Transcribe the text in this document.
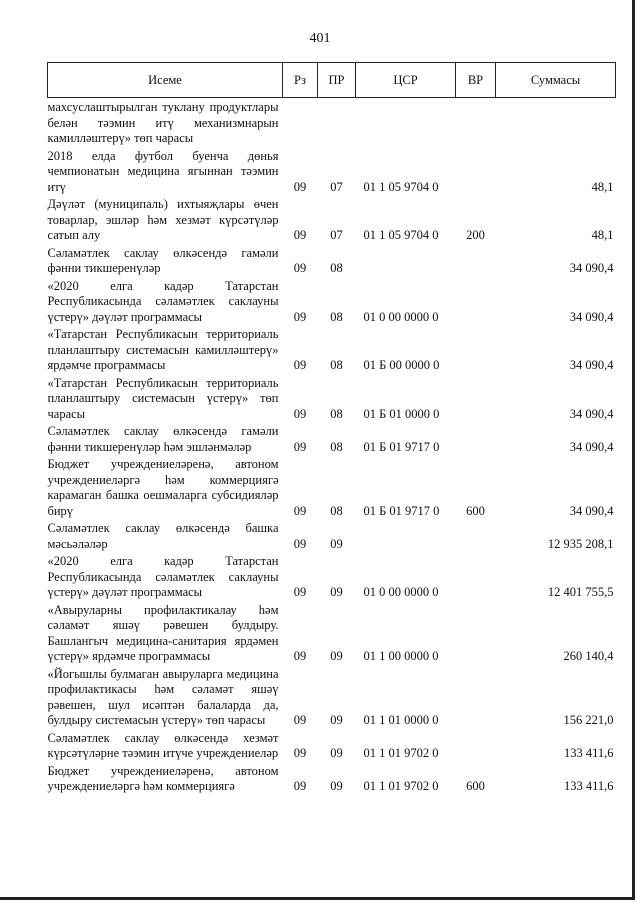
401
Исеме	Рз	ПР	ЦСР	ВР	Суммасы
махсуслаштырылган туклану продуктлары белән тәэмин итү механизмнарын камилләштерү» төп чарасы					
2018 елда футбол буенча дөнья чемпионатын медицина ягыннан тәэмин итү	09	07	01 1 05 9704 0		48,1
Дәүләт (муниципаль) ихтыяҗлары өчен товарлар, эшләр һәм хезмәт күрсәтүләр сатып алу	09	07	01 1 05 9704 0	200	48,1
Сәламәтлек саклау өлкәсендә гамәли фәнни тикшеренүләр	09	08			34 090,4
«2020 елга кадәр Татарстан Республикасында сәламәтлек саклауны үстерү» дәүләт программасы	09	08	01 0 00 0000 0		34 090,4
«Татарстан Республикасын территориаль планлаштыру системасын камилләштерү» ярдәмче программасы	09	08	01 Б 00 0000 0		34 090,4
«Татарстан Республикасын территориаль планлаштыру системасын үстерү» төп чарасы	09	08	01 Б 01 0000 0		34 090,4
Сәламәтлек саклау өлкәсендә гамәли фәнни тикшеренүләр һәм эшләнмәләр	09	08	01 Б 01 9717 0		34 090,4
Бюджет учреждениеләренә, автоном учреждениеләргә һәм коммерциягә карамаган башка оешмаларга субсидияләр бирү	09	08	01 Б 01 9717 0	600	34 090,4
Сәламәтлек саклау өлкәсендә башка мәсьәләләр	09	09			12 935 208,1
«2020 елга кадәр Татарстан Республикасында сәламәтлек саклауны үстерү» дәүләт программасы	09	09	01 0 00 0000 0		12 401 755,5
«Авыруларны профилактикалау һәм сәламәт яшәү рәвешен булдыру. Башлангыч медицина-санитария ярдәмен үстерү» ярдәмче программасы	09	09	01 1 00 0000 0		260 140,4
«Йогышлы булмаган авыруларга медицина профилактикасы һәм сәламәт яшәү рәвешен, шул исәптән балаларда да, булдыру системасын үстерү» төп чарасы	09	09	01 1 01 0000 0		156 221,0
Сәламәтлек саклау өлкәсендә хезмәт күрсәтүләрне тәэмин итүче учреждениеләр	09	09	01 1 01 9702 0		133 411,6
Бюджет учреждениеләренә, автоном учреждениеләргә һәм коммерциягә	09	09	01 1 01 9702 0	600	133 411,6
